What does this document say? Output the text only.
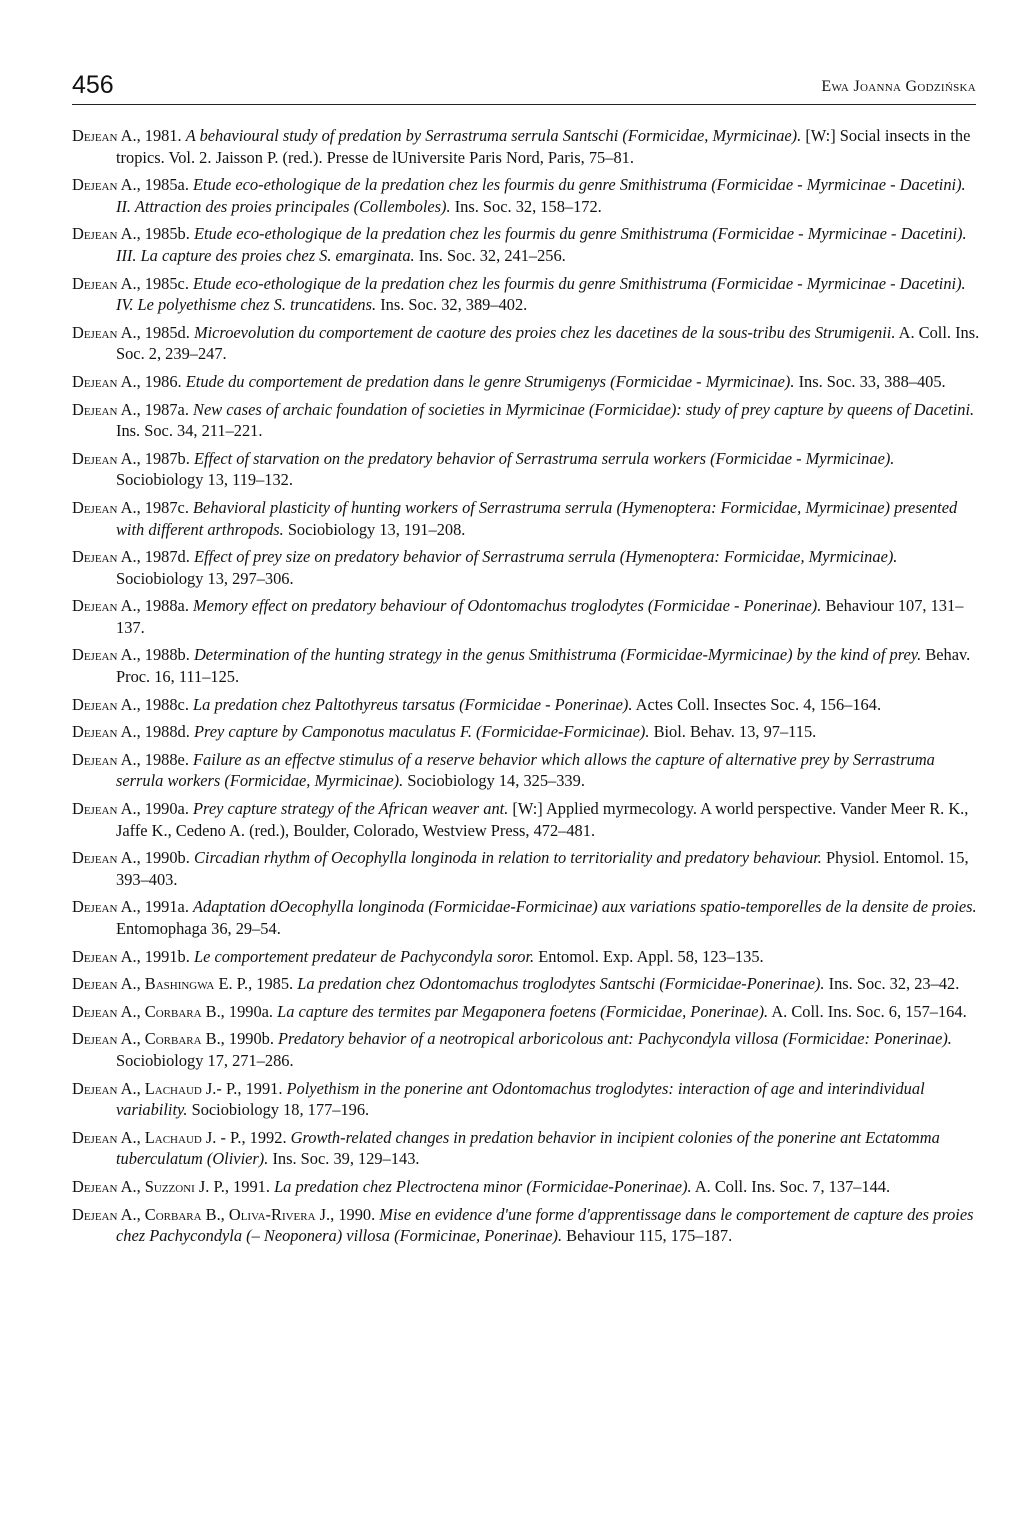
456	Ewa Joanna Godzińska

Dejean A., 1981. A behavioural study of predation by Serrastruma serrula Santschi (Formicidae, Myrmicinae). [W:] Social insects in the tropics. Vol. 2. Jaisson P. (red.). Presse de lUniversite Paris Nord, Paris, 75–81.

Dejean A., 1985a. Etude eco-ethologique de la predation chez les fourmis du genre Smithistruma (Formicidae - Myrmicinae - Dacetini). II. Attraction des proies principales (Collemboles). Ins. Soc. 32, 158–172.

Dejean A., 1985b. Etude eco-ethologique de la predation chez les fourmis du genre Smithistruma (Formicidae - Myrmicinae - Dacetini). III. La capture des proies chez S. emarginata. Ins. Soc. 32, 241–256.

Dejean A., 1985c. Etude eco-ethologique de la predation chez les fourmis du genre Smithistruma (Formicidae - Myrmicinae - Dacetini). IV. Le polyethisme chez S. truncatidens. Ins. Soc. 32, 389–402.

Dejean A., 1985d. Microevolution du comportement de caoture des proies chez les dacetines de la sous-tribu des Strumigenii. A. Coll. Ins. Soc. 2, 239–247.

Dejean A., 1986. Etude du comportement de predation dans le genre Strumigenys (Formicidae - Myrmicinae). Ins. Soc. 33, 388–405.

Dejean A., 1987a. New cases of archaic foundation of societies in Myrmicinae (Formicidae): study of prey capture by queens of Dacetini. Ins. Soc. 34, 211–221.

Dejean A., 1987b. Effect of starvation on the predatory behavior of Serrastruma serrula workers (Formicidae - Myrmicinae). Sociobiology 13, 119–132.

Dejean A., 1987c. Behavioral plasticity of hunting workers of Serrastruma serrula (Hymenoptera: Formicidae, Myrmicinae) presented with different arthropods. Sociobiology 13, 191–208.

Dejean A., 1987d. Effect of prey size on predatory behavior of Serrastruma serrula (Hymenoptera: Formicidae, Myrmicinae). Sociobiology 13, 297–306.

Dejean A., 1988a. Memory effect on predatory behaviour of Odontomachus troglodytes (Formicidae - Ponerinae). Behaviour 107, 131–137.

Dejean A., 1988b. Determination of the hunting strategy in the genus Smithistruma (Formicidae-Myrmicinae) by the kind of prey. Behav. Proc. 16, 111–125.

Dejean A., 1988c. La predation chez Paltothyreus tarsatus (Formicidae - Ponerinae). Actes Coll. Insectes Soc. 4, 156–164.

Dejean A., 1988d. Prey capture by Camponotus maculatus F. (Formicidae-Formicinae). Biol. Behav. 13, 97–115.

Dejean A., 1988e. Failure as an effectve stimulus of a reserve behavior which allows the capture of alternative prey by Serrastruma serrula workers (Formicidae, Myrmicinae). Sociobiology 14, 325–339.

Dejean A., 1990a. Prey capture strategy of the African weaver ant. [W:] Applied myrmecology. A world perspective. Vander Meer R. K., Jaffe K., Cedeno A. (red.), Boulder, Colorado, Westview Press, 472–481.

Dejean A., 1990b. Circadian rhythm of Oecophylla longinoda in relation to territoriality and predatory behaviour. Physiol. Entomol. 15, 393–403.

Dejean A., 1991a. Adaptation dOecophylla longinoda (Formicidae-Formicinae) aux variations spatio-temporelles de la densite de proies. Entomophaga 36, 29–54.

Dejean A., 1991b. Le comportement predateur de Pachycondyla soror. Entomol. Exp. Appl. 58, 123–135.

Dejean A., Bashingwa E. P., 1985. La predation chez Odontomachus troglodytes Santschi (Formicidae-Ponerinae). Ins. Soc. 32, 23–42.

Dejean A., Corbara B., 1990a. La capture des termites par Megaponera foetens (Formicidae, Ponerinae). A. Coll. Ins. Soc. 6, 157–164.

Dejean A., Corbara B., 1990b. Predatory behavior of a neotropical arboricolous ant: Pachycondyla villosa (Formicidae: Ponerinae). Sociobiology 17, 271–286.

Dejean A., Lachaud J.- P., 1991. Polyethism in the ponerine ant Odontomachus troglodytes: interaction of age and interindividual variability. Sociobiology 18, 177–196.

Dejean A., Lachaud J. - P., 1992. Growth-related changes in predation behavior in incipient colonies of the ponerine ant Ectatomma tuberculatum (Olivier). Ins. Soc. 39, 129–143.

Dejean A., Suzzoni J. P., 1991. La predation chez Plectroctena minor (Formicidae-Ponerinae). A. Coll. Ins. Soc. 7, 137–144.

Dejean A., Corbara B., Oliva-Rivera J., 1990. Mise en evidence d'une forme d'apprentissage dans le comportement de capture des proies chez Pachycondyla (– Neoponera) villosa (Formicinae, Ponerinae). Behaviour 115, 175–187.
